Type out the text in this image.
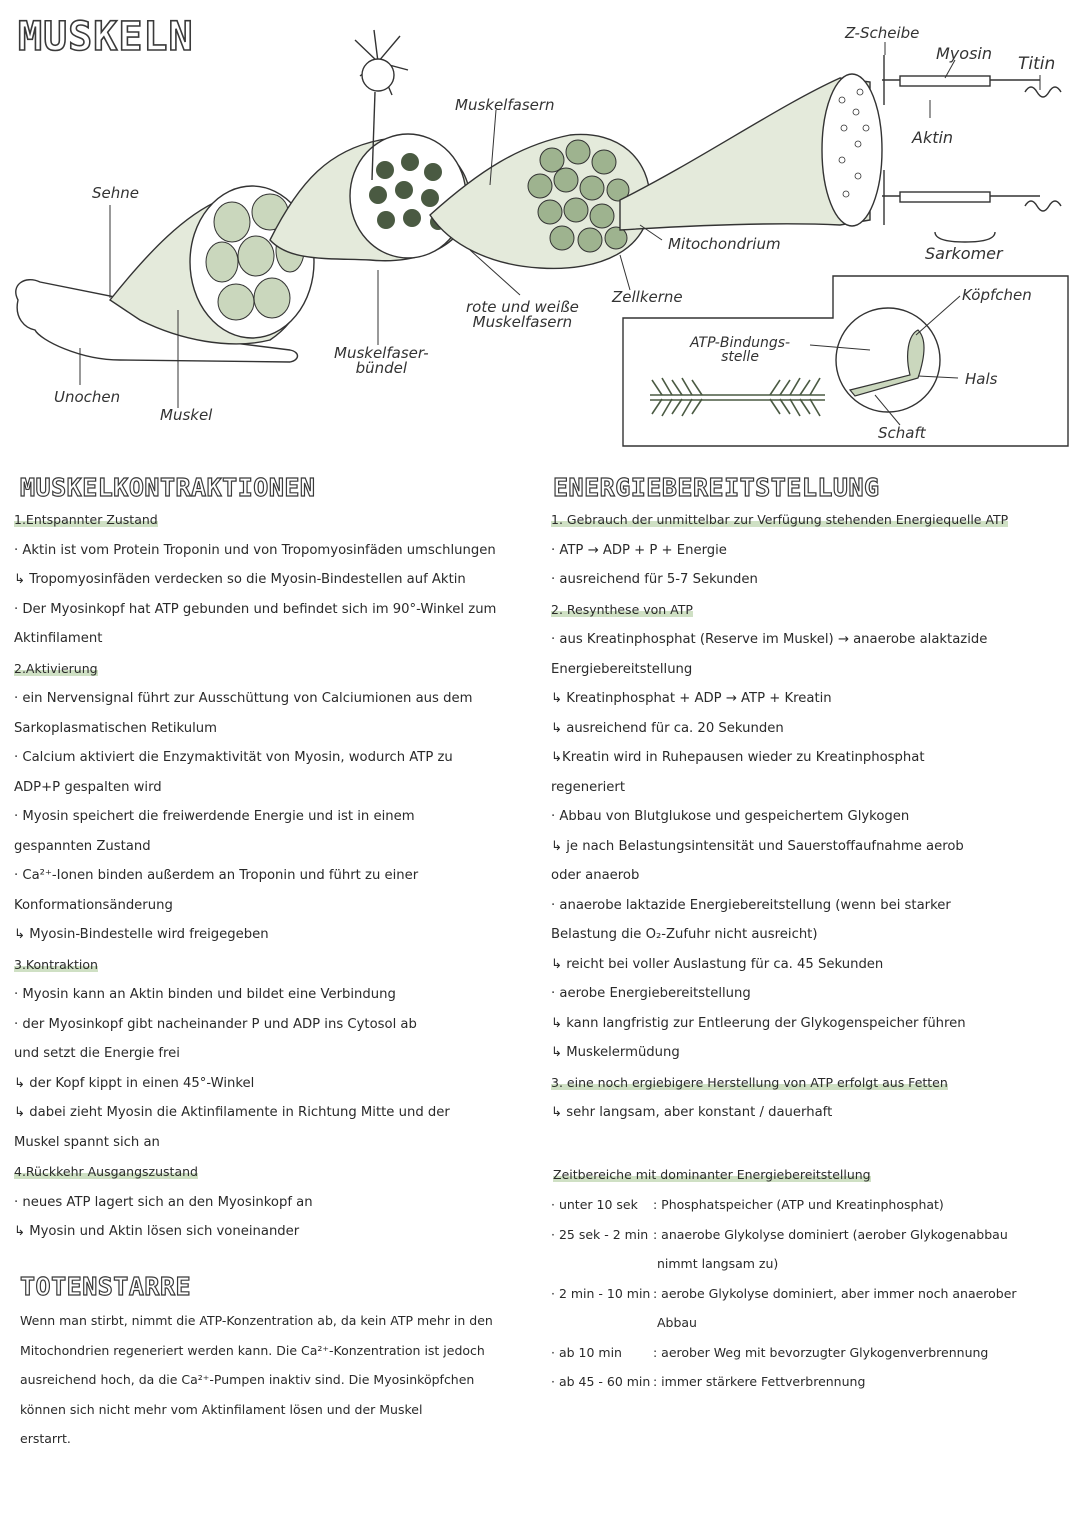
MUSKELN
Sehne
Unochen
Muskel
Muskelfaser-
bündel
Muskelfasern
rote und weiße
Muskelfasern
Zellkerne
Mitochondrium
Z-Scheibe
Myosin
Titin
Aktin
Sarkomer
ATP-Bindungs-
stelle
Köpfchen
Hals
Schaft
MUSKELKONTRAKTIONEN
1.Entspannter Zustand
· Aktin ist vom Protein Troponin und von Tropomyosinfäden umschlungen
↳ Tropomyosinfäden verdecken so die Myosin-Bindestellen auf Aktin
· Der Myosinkopf hat ATP gebunden und befindet sich im 90°-Winkel zum
Aktinfilament
2.Aktivierung
· ein Nervensignal führt zur Ausschüttung von Calciumionen aus dem
Sarkoplasmatischen Retikulum
· Calcium aktiviert die Enzymaktivität von Myosin, wodurch ATP zu
ADP+P gespalten wird
· Myosin speichert die freiwerdende Energie und ist in einem
gespannten Zustand
· Ca²⁺-Ionen binden außerdem an Troponin und führt zu einer
Konformationsänderung
↳ Myosin-Bindestelle wird freigegeben
3.Kontraktion
· Myosin kann an Aktin binden und bildet eine Verbindung
· der Myosinkopf gibt nacheinander P und ADP ins Cytosol ab
und setzt die Energie frei
↳ der Kopf kippt in einen 45°-Winkel
↳ dabei zieht Myosin die Aktinfilamente in Richtung Mitte und der
Muskel spannt sich an
4.Rückkehr Ausgangszustand
· neues ATP lagert sich an den Myosinkopf an
↳ Myosin und Aktin lösen sich voneinander
TOTENSTARRE
Wenn man stirbt, nimmt die ATP-Konzentration ab, da kein ATP mehr in den
Mitochondrien regeneriert werden kann. Die Ca²⁺-Konzentration ist jedoch
ausreichend hoch, da die Ca²⁺-Pumpen inaktiv sind. Die Myosinköpfchen
können sich nicht mehr vom Aktinfilament lösen und der Muskel
erstarrt.
ENERGIEBEREITSTELLUNG
1. Gebrauch der unmittelbar zur Verfügung stehenden Energiequelle ATP
· ATP → ADP + P + Energie
· ausreichend für 5-7 Sekunden
2. Resynthese von ATP
· aus Kreatinphosphat (Reserve im Muskel) → anaerobe alaktazide
Energiebereitstellung
↳ Kreatinphosphat + ADP → ATP + Kreatin
↳ ausreichend für ca. 20 Sekunden
↳Kreatin wird in Ruhepausen wieder zu Kreatinphosphat
regeneriert
· Abbau von Blutglukose und gespeichertem Glykogen
↳ je nach Belastungsintensität und Sauerstoffaufnahme aerob
oder anaerob
· anaerobe laktazide Energiebereitstellung (wenn bei starker
Belastung die O₂-Zufuhr nicht ausreicht)
↳ reicht bei voller Auslastung für ca. 45 Sekunden
· aerobe Energiebereitstellung
↳ kann langfristig zur Entleerung der Glykogenspeicher führen
↳ Muskelermüdung
3. eine noch ergiebigere Herstellung von ATP erfolgt aus Fetten
↳ sehr langsam, aber konstant / dauerhaft
Zeitbereiche mit dominanter Energiebereitstellung
· unter 10 sek : Phosphatspeicher (ATP und Kreatinphosphat)
· 25 sek - 2 min : anaerobe Glykolyse dominiert (aerober Glykogenabbau
nimmt langsam zu)
· 2 min - 10 min : aerobe Glykolyse dominiert, aber immer noch anaerober
Abbau
· ab 10 min : aerober Weg mit bevorzugter Glykogenverbrennung
· ab 45 - 60 min : immer stärkere Fettverbrennung
